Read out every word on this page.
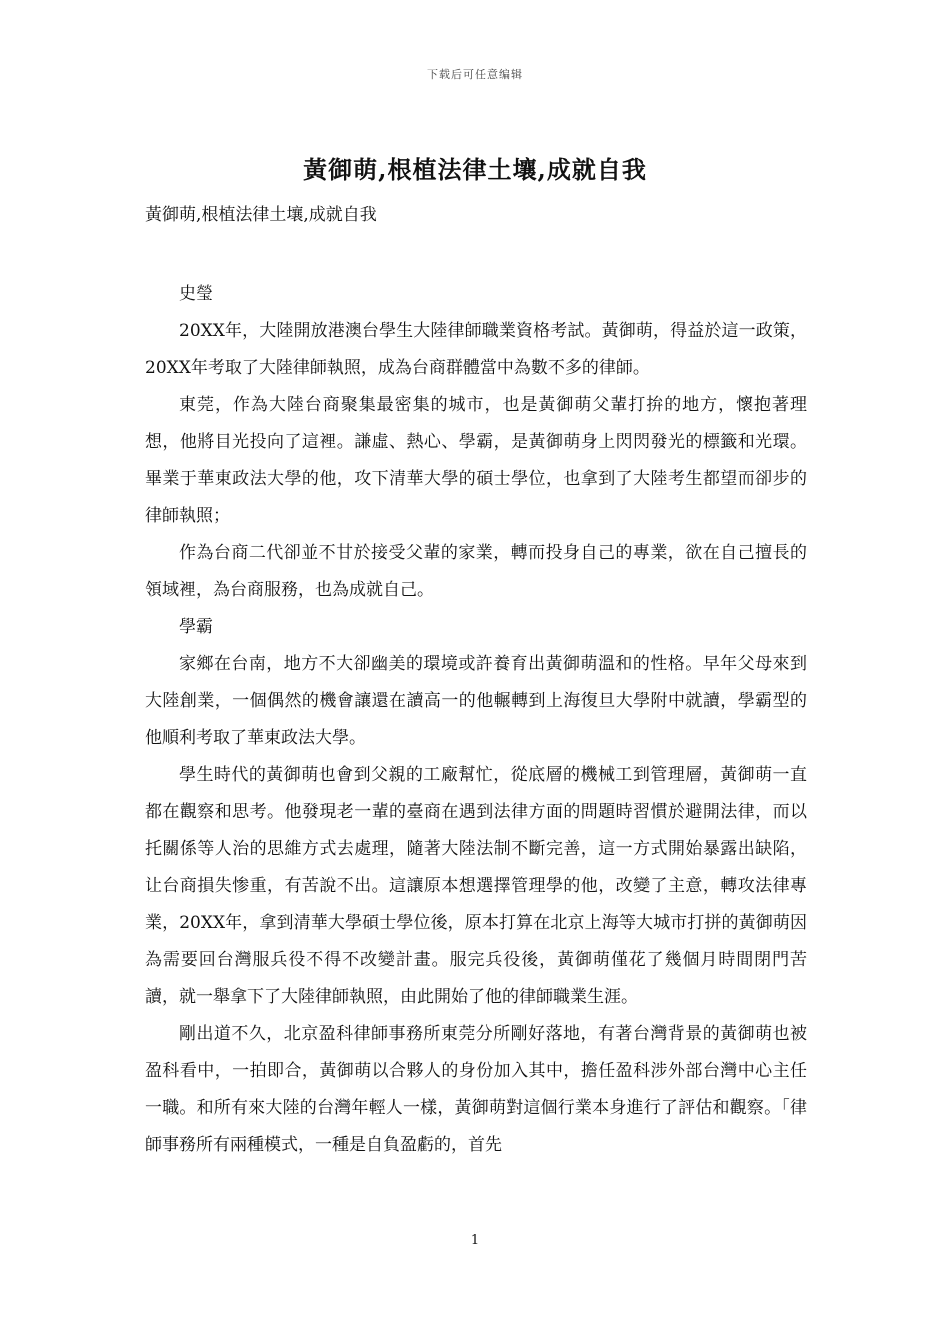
下载后可任意编辑
黃御萌,根植法律土壤,成就自我
黃御萌,根植法律土壤,成就自我

史瑩

20XX年，大陸開放港澳台學生大陸律師職業資格考試。黃御萌，得益於這一政策，20XX年考取了大陸律師執照，成為台商群體當中為數不多的律師。

東莞，作為大陸台商聚集最密集的城市，也是黃御萌父輩打拚的地方，懷抱著理想，他將目光投向了這裡。謙虛、熱心、學霸，是黃御萌身上閃閃發光的標籤和光環。畢業于華東政法大學的他，攻下清華大學的碩士學位，也拿到了大陸考生都望而卻步的律師執照；

作為台商二代卻並不甘於接受父輩的家業，轉而投身自己的專業，欲在自己擅長的領域裡，為台商服務，也為成就自己。

學霸

家鄉在台南，地方不大卻幽美的環境或許養育出黃御萌溫和的性格。早年父母來到大陸創業，一個偶然的機會讓還在讀高一的他輾轉到上海復旦大學附中就讀，學霸型的他順利考取了華東政法大學。

學生時代的黃御萌也會到父親的工廠幫忙，從底層的機械工到管理層，黃御萌一直都在觀察和思考。他發現老一輩的臺商在遇到法律方面的問題時習慣於避開法律，而以托關係等人治的思維方式去處理，隨著大陸法制不斷完善，這一方式開始暴露出缺陷，让台商損失惨重，有苦說不出。這讓原本想選擇管理學的他，改變了主意，轉攻法律專業，20XX年，拿到清華大學碩士學位後，原本打算在北京上海等大城市打拼的黃御萌因為需要回台灣服兵役不得不改變計畫。服完兵役後，黃御萌僅花了幾個月時間閉門苦讀，就一舉拿下了大陸律師執照，由此開始了他的律師職業生涯。

剛出道不久，北京盈科律師事務所東莞分所剛好落地，有著台灣背景的黃御萌也被盈科看中，一拍即合，黃御萌以合夥人的身份加入其中，擔任盈科涉外部台灣中心主任一職。和所有來大陸的台灣年輕人一樣，黃御萌對這個行業本身進行了評估和觀察。「律師事務所有兩種模式，一種是自負盈虧的，首先

1
